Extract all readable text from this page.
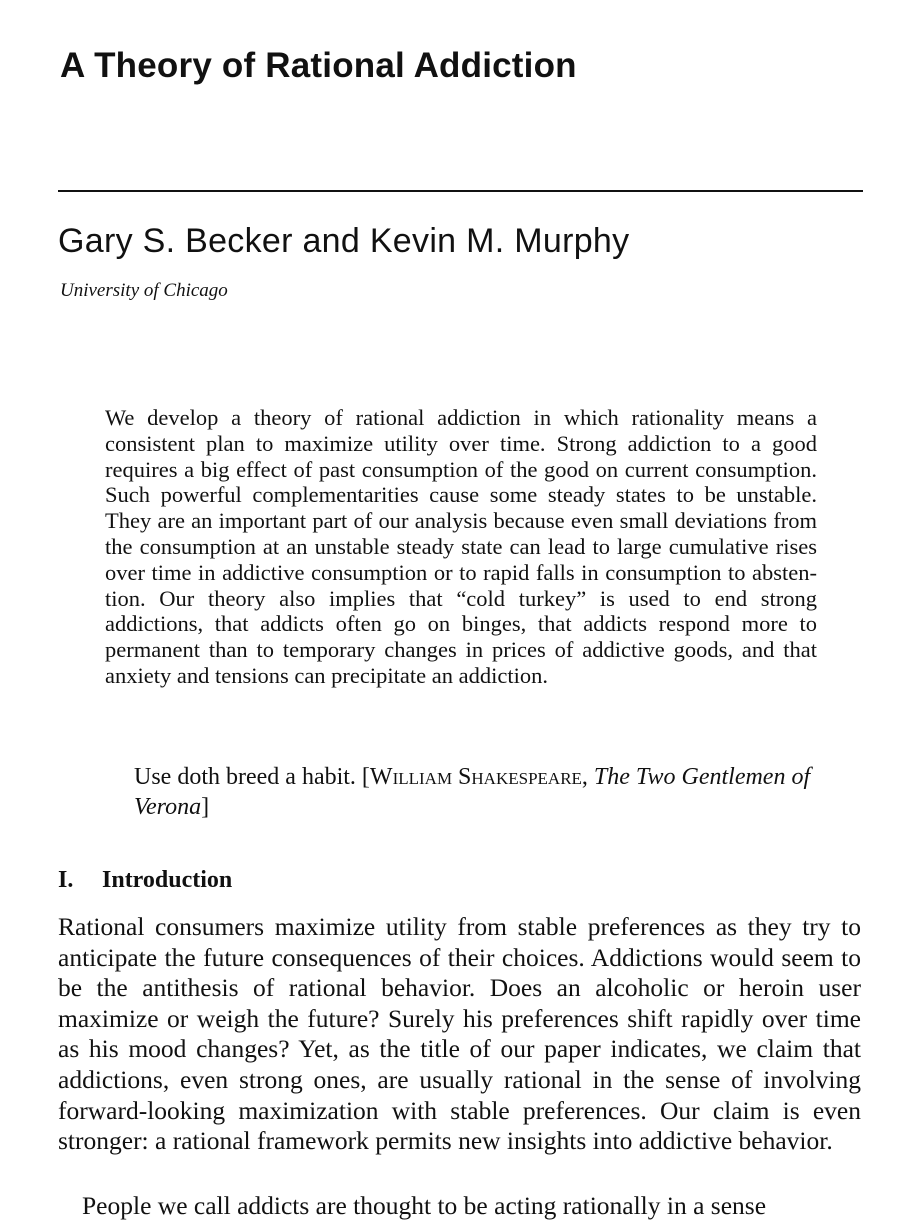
A Theory of Rational Addiction
Gary S. Becker and Kevin M. Murphy
University of Chicago

We develop a theory of rational addiction in which rationality means a consistent plan to maximize utility over time. Strong addiction to a good requires a big effect of past consumption of the good on current consumption. Such powerful complementarities cause some steady states to be unstable. They are an important part of our analysis because even small deviations from the consumption at an unstable steady state can lead to large cumulative rises over time in addictive consumption or to rapid falls in consumption to abstention. Our theory also implies that “cold turkey” is used to end strong addictions, that addicts often go on binges, that addicts respond more to permanent than to temporary changes in prices of addictive goods, and that anxiety and tensions can precipitate an addiction.

Use doth breed a habit. [William Shakespeare, The Two Gentlemen of Verona]

I. Introduction

Rational consumers maximize utility from stable preferences as they try to anticipate the future consequences of their choices. Addictions would seem to be the antithesis of rational behavior. Does an alcoholic or heroin user maximize or weigh the future? Surely his preferences shift rapidly over time as his mood changes? Yet, as the title of our paper indicates, we claim that addictions, even strong ones, are usually rational in the sense of involving forward-looking maximization with stable preferences. Our claim is even stronger: a rational framework permits new insights into addictive behavior.

People we call addicts are thought to be acting rationally in a sense
